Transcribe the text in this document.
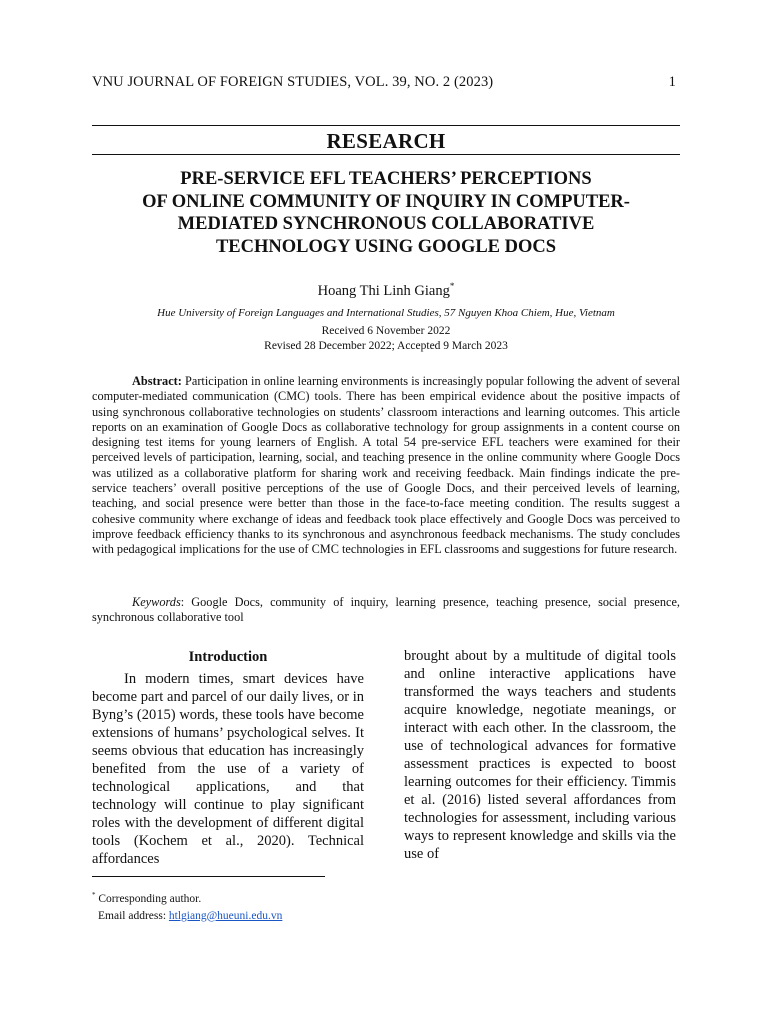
VNU JOURNAL OF FOREIGN STUDIES, VOL. 39, NO. 2 (2023)	1
RESEARCH
PRE-SERVICE EFL TEACHERS’ PERCEPTIONS
OF ONLINE COMMUNITY OF INQUIRY IN COMPUTER-
MEDIATED SYNCHRONOUS COLLABORATIVE
TECHNOLOGY USING GOOGLE DOCS
Hoang Thi Linh Giang*
Hue University of Foreign Languages and International Studies, 57 Nguyen Khoa Chiem, Hue, Vietnam
Received 6 November 2022
Revised 28 December 2022; Accepted 9 March 2023

Abstract: Participation in online learning environments is increasingly popular following the advent of several computer-mediated communication (CMC) tools. There has been empirical evidence about the positive impacts of using synchronous collaborative technologies on students’ classroom interactions and learning outcomes. This article reports on an examination of Google Docs as collaborative technology for group assignments in a content course on designing test items for young learners of English. A total 54 pre-service EFL teachers were examined for their perceived levels of participation, learning, social, and teaching presence in the online community where Google Docs was utilized as a collaborative platform for sharing work and receiving feedback. Main findings indicate the pre-service teachers’ overall positive perceptions of the use of Google Docs, and their perceived levels of learning, teaching, and social presence were better than those in the face-to-face meeting condition. The results suggest a cohesive community where exchange of ideas and feedback took place effectively and Google Docs was perceived to improve feedback efficiency thanks to its synchronous and asynchronous feedback mechanisms. The study concludes with pedagogical implications for the use of CMC technologies in EFL classrooms and suggestions for future research.

Keywords: Google Docs, community of inquiry, learning presence, teaching presence, social presence, synchronous collaborative tool

Introduction

In modern times, smart devices have become part and parcel of our daily lives, or in Byng’s (2015) words, these tools have become extensions of humans’ psychological selves. It seems obvious that education has increasingly benefited from the use of a variety of technological applications, and that technology will continue to play significant roles with the development of different digital tools (Kochem et al., 2020). Technical affordances

brought about by a multitude of digital tools and online interactive applications have transformed the ways teachers and students acquire knowledge, negotiate meanings, or interact with each other. In the classroom, the use of technological advances for formative assessment practices is expected to boost learning outcomes for their efficiency. Timmis et al. (2016) listed several affordances from technologies for assessment, including various ways to represent knowledge and skills via the use of

* Corresponding author.
Email address: htlgiang@hueuni.edu.vn
